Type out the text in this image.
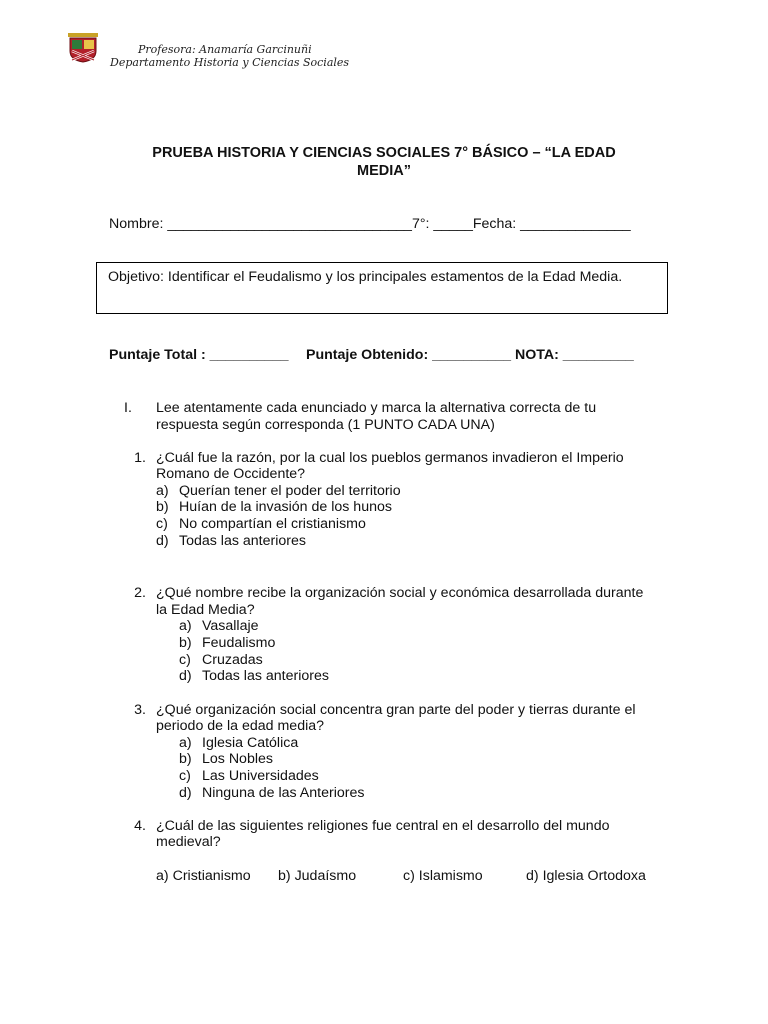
Profesora: Anamaría Garcinuñi
Departamento Historia y Ciencias Sociales
PRUEBA HISTORIA Y CIENCIAS SOCIALES 7° BÁSICO – “LA EDAD
MEDIA”
Nombre: _______________________________7°: _____Fecha: ______________
Objetivo: Identificar el Feudalismo y los principales estamentos de la Edad Media.
Puntaje Total : __________ Puntaje Obtenido: __________ NOTA: _________
I. Lee atentamente cada enunciado y marca la alternativa correcta de tu
respuesta según corresponda (1 PUNTO CADA UNA)
1. ¿Cuál fue la razón, por la cual los pueblos germanos invadieron el Imperio
Romano de Occidente?
a) Querían tener el poder del territorio
b) Huían de la invasión de los hunos
c) No compartían el cristianismo
d) Todas las anteriores
2. ¿Qué nombre recibe la organización social y económica desarrollada durante
la Edad Media?
a) Vasallaje
b) Feudalismo
c) Cruzadas
d) Todas las anteriores
3. ¿Qué organización social concentra gran parte del poder y tierras durante el
periodo de la edad media?
a) Iglesia Católica
b) Los Nobles
c) Las Universidades
d) Ninguna de las Anteriores
4. ¿Cuál de las siguientes religiones fue central en el desarrollo del mundo
medieval?
a) Cristianismo b) Judaísmo	c) Islamismo	d) Iglesia Ortodoxa
